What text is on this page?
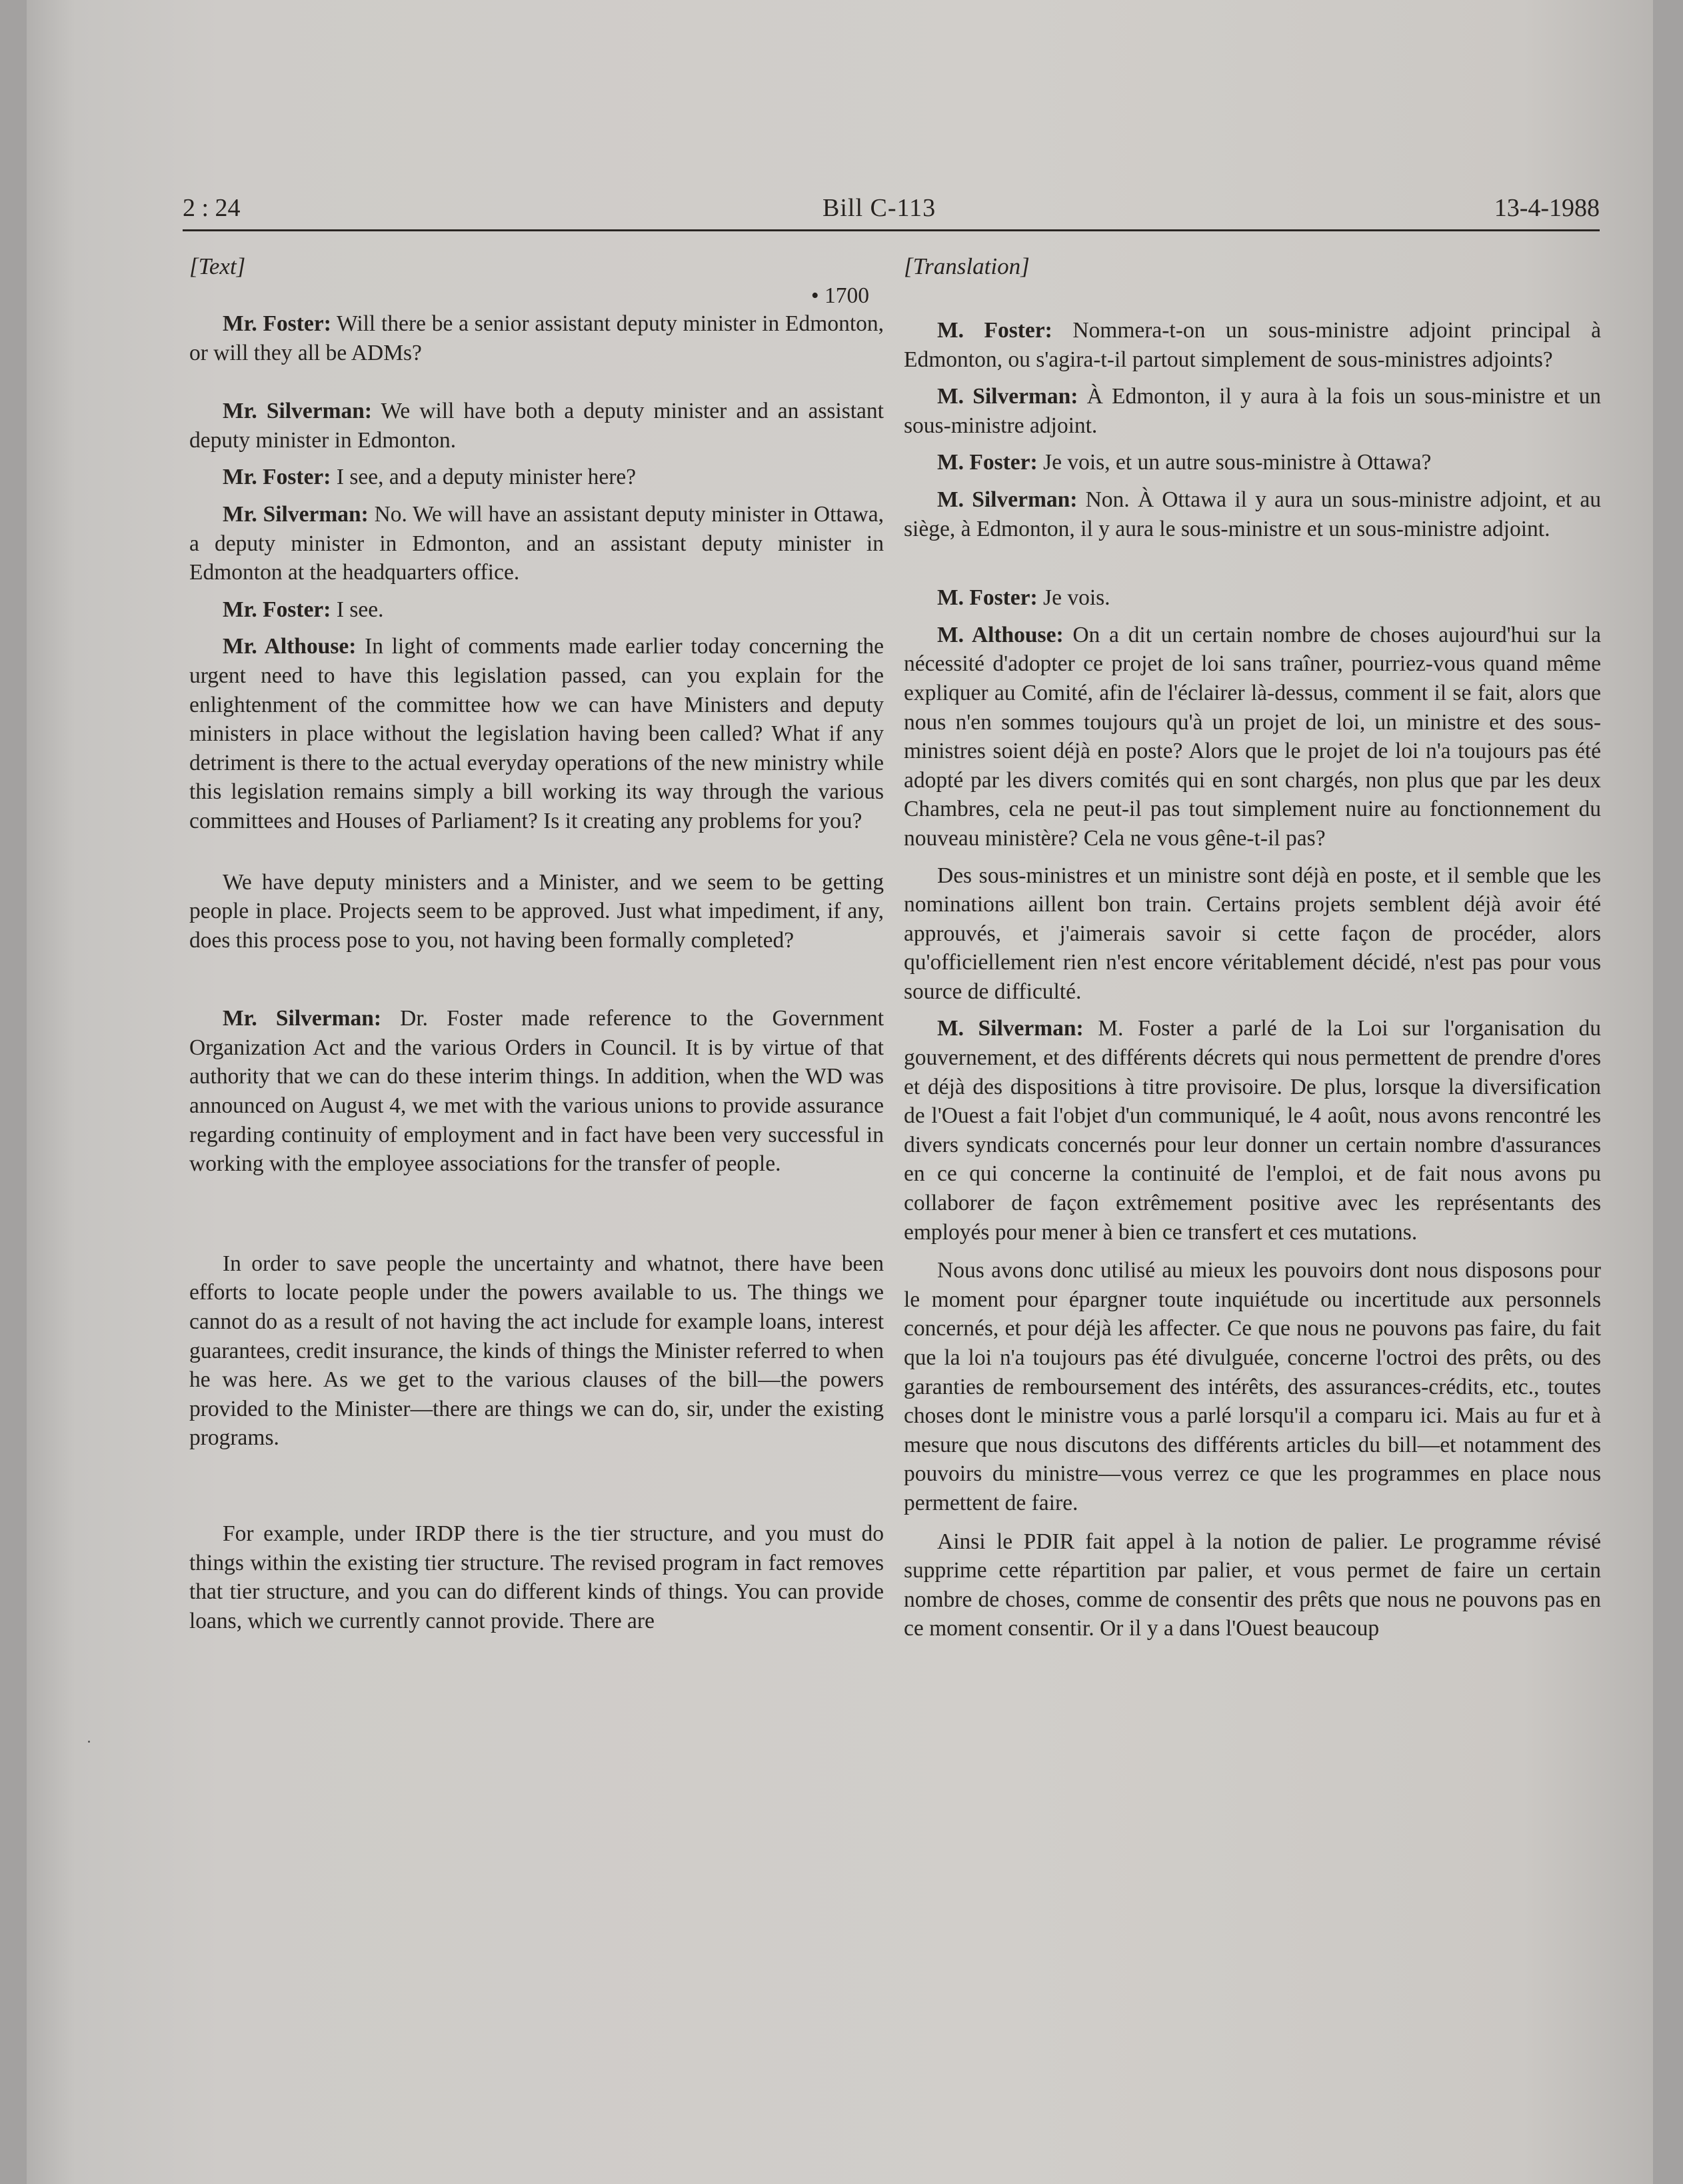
2 : 24	Bill C-113	13-4-1988

[Text]

• 1700

Mr. Foster: Will there be a senior assistant deputy minister in Edmonton, or will they all be ADMs?

Mr. Silverman: We will have both a deputy minister and an assistant deputy minister in Edmonton.

Mr. Foster: I see, and a deputy minister here?

Mr. Silverman: No. We will have an assistant deputy minister in Ottawa, a deputy minister in Edmonton, and an assistant deputy minister in Edmonton at the headquarters office.

Mr. Foster: I see.

Mr. Althouse: In light of comments made earlier today concerning the urgent need to have this legislation passed, can you explain for the enlightenment of the committee how we can have Ministers and deputy ministers in place without the legislation having been called? What if any detriment is there to the actual everyday operations of the new ministry while this legislation remains simply a bill working its way through the various committees and Houses of Parliament? Is it creating any problems for you?

We have deputy ministers and a Minister, and we seem to be getting people in place. Projects seem to be approved. Just what impediment, if any, does this process pose to you, not having been formally completed?

Mr. Silverman: Dr. Foster made reference to the Government Organization Act and the various Orders in Council. It is by virtue of that authority that we can do these interim things. In addition, when the WD was announced on August 4, we met with the various unions to provide assurance regarding continuity of employment and in fact have been very successful in working with the employee associations for the transfer of people.

In order to save people the uncertainty and whatnot, there have been efforts to locate people under the powers available to us. The things we cannot do as a result of not having the act include for example loans, interest guarantees, credit insurance, the kinds of things the Minister referred to when he was here. As we get to the various clauses of the bill—the powers provided to the Minister—there are things we can do, sir, under the existing programs.

For example, under IRDP there is the tier structure, and you must do things within the existing tier structure. The revised program in fact removes that tier structure, and you can do different kinds of things. You can provide loans, which we currently cannot provide. There are

[Translation]

M. Foster: Nommera-t-on un sous-ministre adjoint principal à Edmonton, ou s'agira-t-il partout simplement de sous-ministres adjoints?

M. Silverman: À Edmonton, il y aura à la fois un sous-ministre et un sous-ministre adjoint.

M. Foster: Je vois, et un autre sous-ministre à Ottawa?

M. Silverman: Non. À Ottawa il y aura un sous-ministre adjoint, et au siège, à Edmonton, il y aura le sous-ministre et un sous-ministre adjoint.

M. Foster: Je vois.

M. Althouse: On a dit un certain nombre de choses aujourd'hui sur la nécessité d'adopter ce projet de loi sans traîner, pourriez-vous quand même expliquer au Comité, afin de l'éclairer là-dessus, comment il se fait, alors que nous n'en sommes toujours qu'à un projet de loi, un ministre et des sous-ministres soient déjà en poste? Alors que le projet de loi n'a toujours pas été adopté par les divers comités qui en sont chargés, non plus que par les deux Chambres, cela ne peut-il pas tout simplement nuire au fonctionnement du nouveau ministère? Cela ne vous gêne-t-il pas?

Des sous-ministres et un ministre sont déjà en poste, et il semble que les nominations aillent bon train. Certains projets semblent déjà avoir été approuvés, et j'aimerais savoir si cette façon de procéder, alors qu'officiellement rien n'est encore véritablement décidé, n'est pas pour vous source de difficulté.

M. Silverman: M. Foster a parlé de la Loi sur l'organisation du gouvernement, et des différents décrets qui nous permettent de prendre d'ores et déjà des dispositions à titre provisoire. De plus, lorsque la diversification de l'Ouest a fait l'objet d'un communiqué, le 4 août, nous avons rencontré les divers syndicats concernés pour leur donner un certain nombre d'assurances en ce qui concerne la continuité de l'emploi, et de fait nous avons pu collaborer de façon extrêmement positive avec les représentants des employés pour mener à bien ce transfert et ces mutations.

Nous avons donc utilisé au mieux les pouvoirs dont nous disposons pour le moment pour épargner toute inquiétude ou incertitude aux personnels concernés, et pour déjà les affecter. Ce que nous ne pouvons pas faire, du fait que la loi n'a toujours pas été divulguée, concerne l'octroi des prêts, ou des garanties de remboursement des intérêts, des assurances-crédits, etc., toutes choses dont le ministre vous a parlé lorsqu'il a comparu ici. Mais au fur et à mesure que nous discutons des différents articles du bill—et notamment des pouvoirs du ministre—vous verrez ce que les programmes en place nous permettent de faire.

Ainsi le PDIR fait appel à la notion de palier. Le programme révisé supprime cette répartition par palier, et vous permet de faire un certain nombre de choses, comme de consentir des prêts que nous ne pouvons pas en ce moment consentir. Or il y a dans l'Ouest beaucoup
